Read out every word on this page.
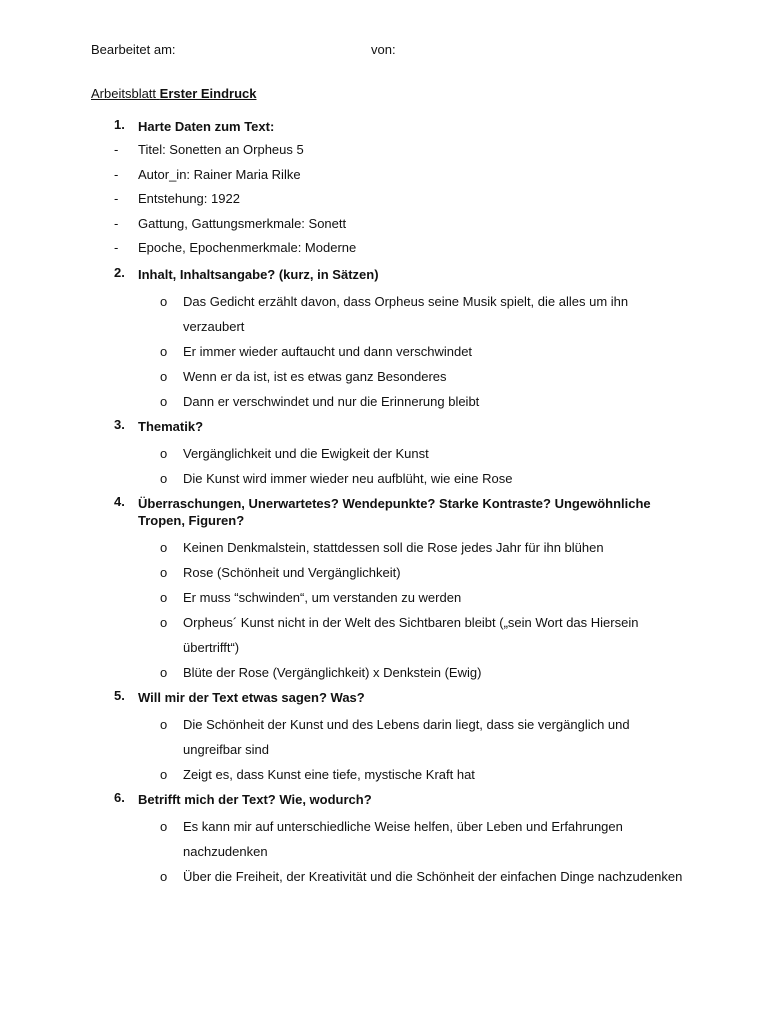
Bearbeitet am:	von:
Arbeitsblatt Erster Eindruck
1. Harte Daten zum Text:
- Titel: Sonetten an Orpheus 5
- Autor_in: Rainer Maria Rilke
- Entstehung: 1922
- Gattung, Gattungsmerkmale: Sonett
- Epoche, Epochenmerkmale: Moderne
2. Inhalt, Inhaltsangabe? (kurz, in Sätzen)
o Das Gedicht erzählt davon, dass Orpheus seine Musik spielt, die alles um ihn verzaubert
o Er immer wieder auftaucht und dann verschwindet
o Wenn er da ist, ist es etwas ganz Besonderes
o Dann er verschwindet und nur die Erinnerung bleibt
3. Thematik?
o Vergänglichkeit und die Ewigkeit der Kunst
o Die Kunst wird immer wieder neu aufblüht, wie eine Rose
4. Überraschungen, Unerwartetes? Wendepunkte? Starke Kontraste? Ungewöhnliche Tropen, Figuren?
o Keinen Denkmalstein, stattdessen soll die Rose jedes Jahr für ihn blühen
o Rose (Schönheit und Vergänglichkeit)
o Er muss “schwinden“, um verstanden zu werden
o Orpheus´ Kunst nicht in der Welt des Sichtbaren bleibt („sein Wort das Hiersein übertrifft“)
o Blüte der Rose (Vergänglichkeit) x Denkstein (Ewig)
5. Will mir der Text etwas sagen? Was?
o Die Schönheit der Kunst und des Lebens darin liegt, dass sie vergänglich und ungreifbar sind
o Zeigt es, dass Kunst eine tiefe, mystische Kraft hat
6. Betrifft mich der Text? Wie, wodurch?
o Es kann mir auf unterschiedliche Weise helfen, über Leben und Erfahrungen nachzudenken
o Über die Freiheit, der Kreativität und die Schönheit der einfachen Dinge nachzudenken
